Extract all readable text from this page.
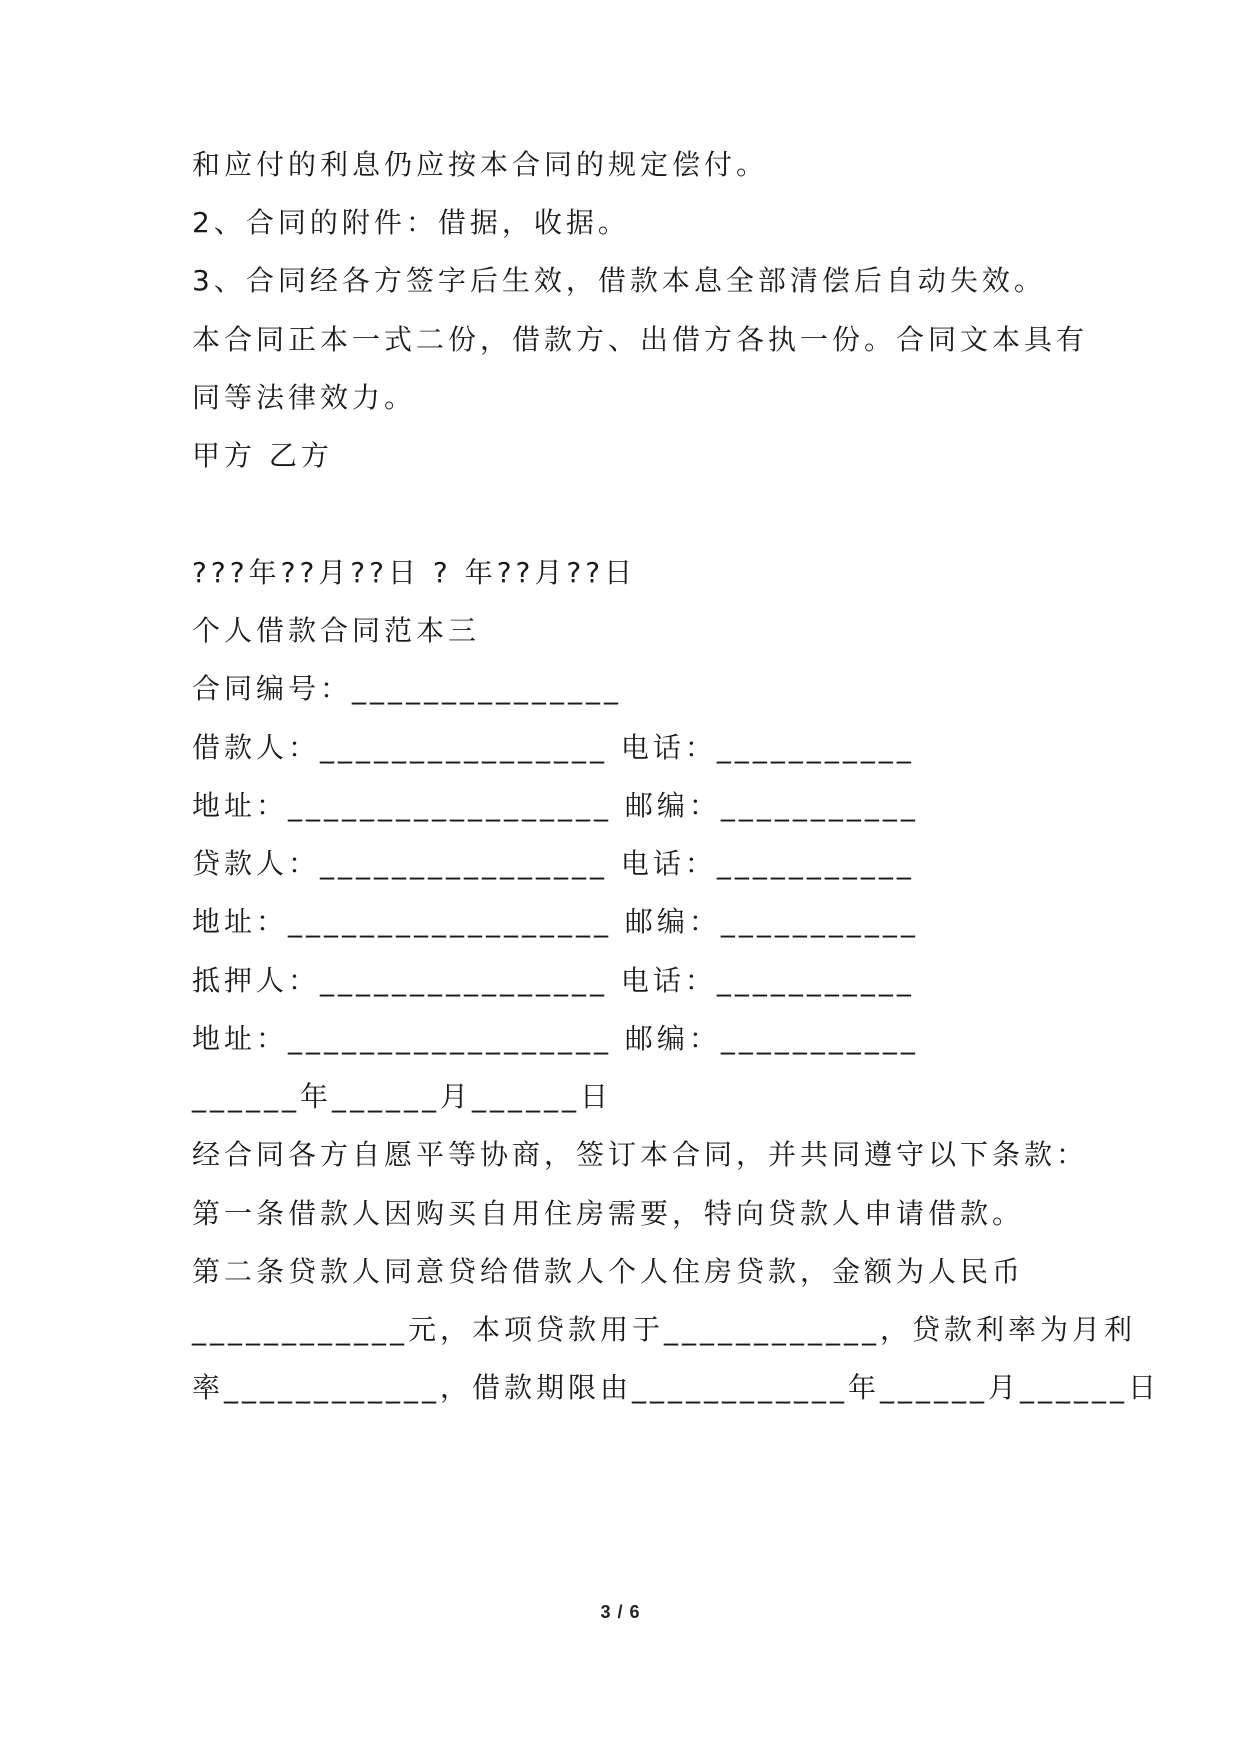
和应付的利息仍应按本合同的规定偿付。
2、合同的附件：借据，收据。
3、合同经各方签字后生效，借款本息全部清偿后自动失效。
本合同正本一式二份，借款方、出借方各执一份。合同文本具有
同等法律效力。
甲方 乙方
???年??月??日 ? 年??月??日
个人借款合同范本三
合同编号：_______________
借款人：________________ 电话：___________
地址：__________________ 邮编：___________
贷款人：________________ 电话：___________
地址：__________________ 邮编：___________
抵押人：________________ 电话：___________
地址：__________________ 邮编：___________
______年______月______日
经合同各方自愿平等协商，签订本合同，并共同遵守以下条款：
第一条借款人因购买自用住房需要，特向贷款人申请借款。
第二条贷款人同意贷给借款人个人住房贷款，金额为人民币
____________元，本项贷款用于____________，贷款利率为月利
率____________，借款期限由____________年______月______日
3 / 6
